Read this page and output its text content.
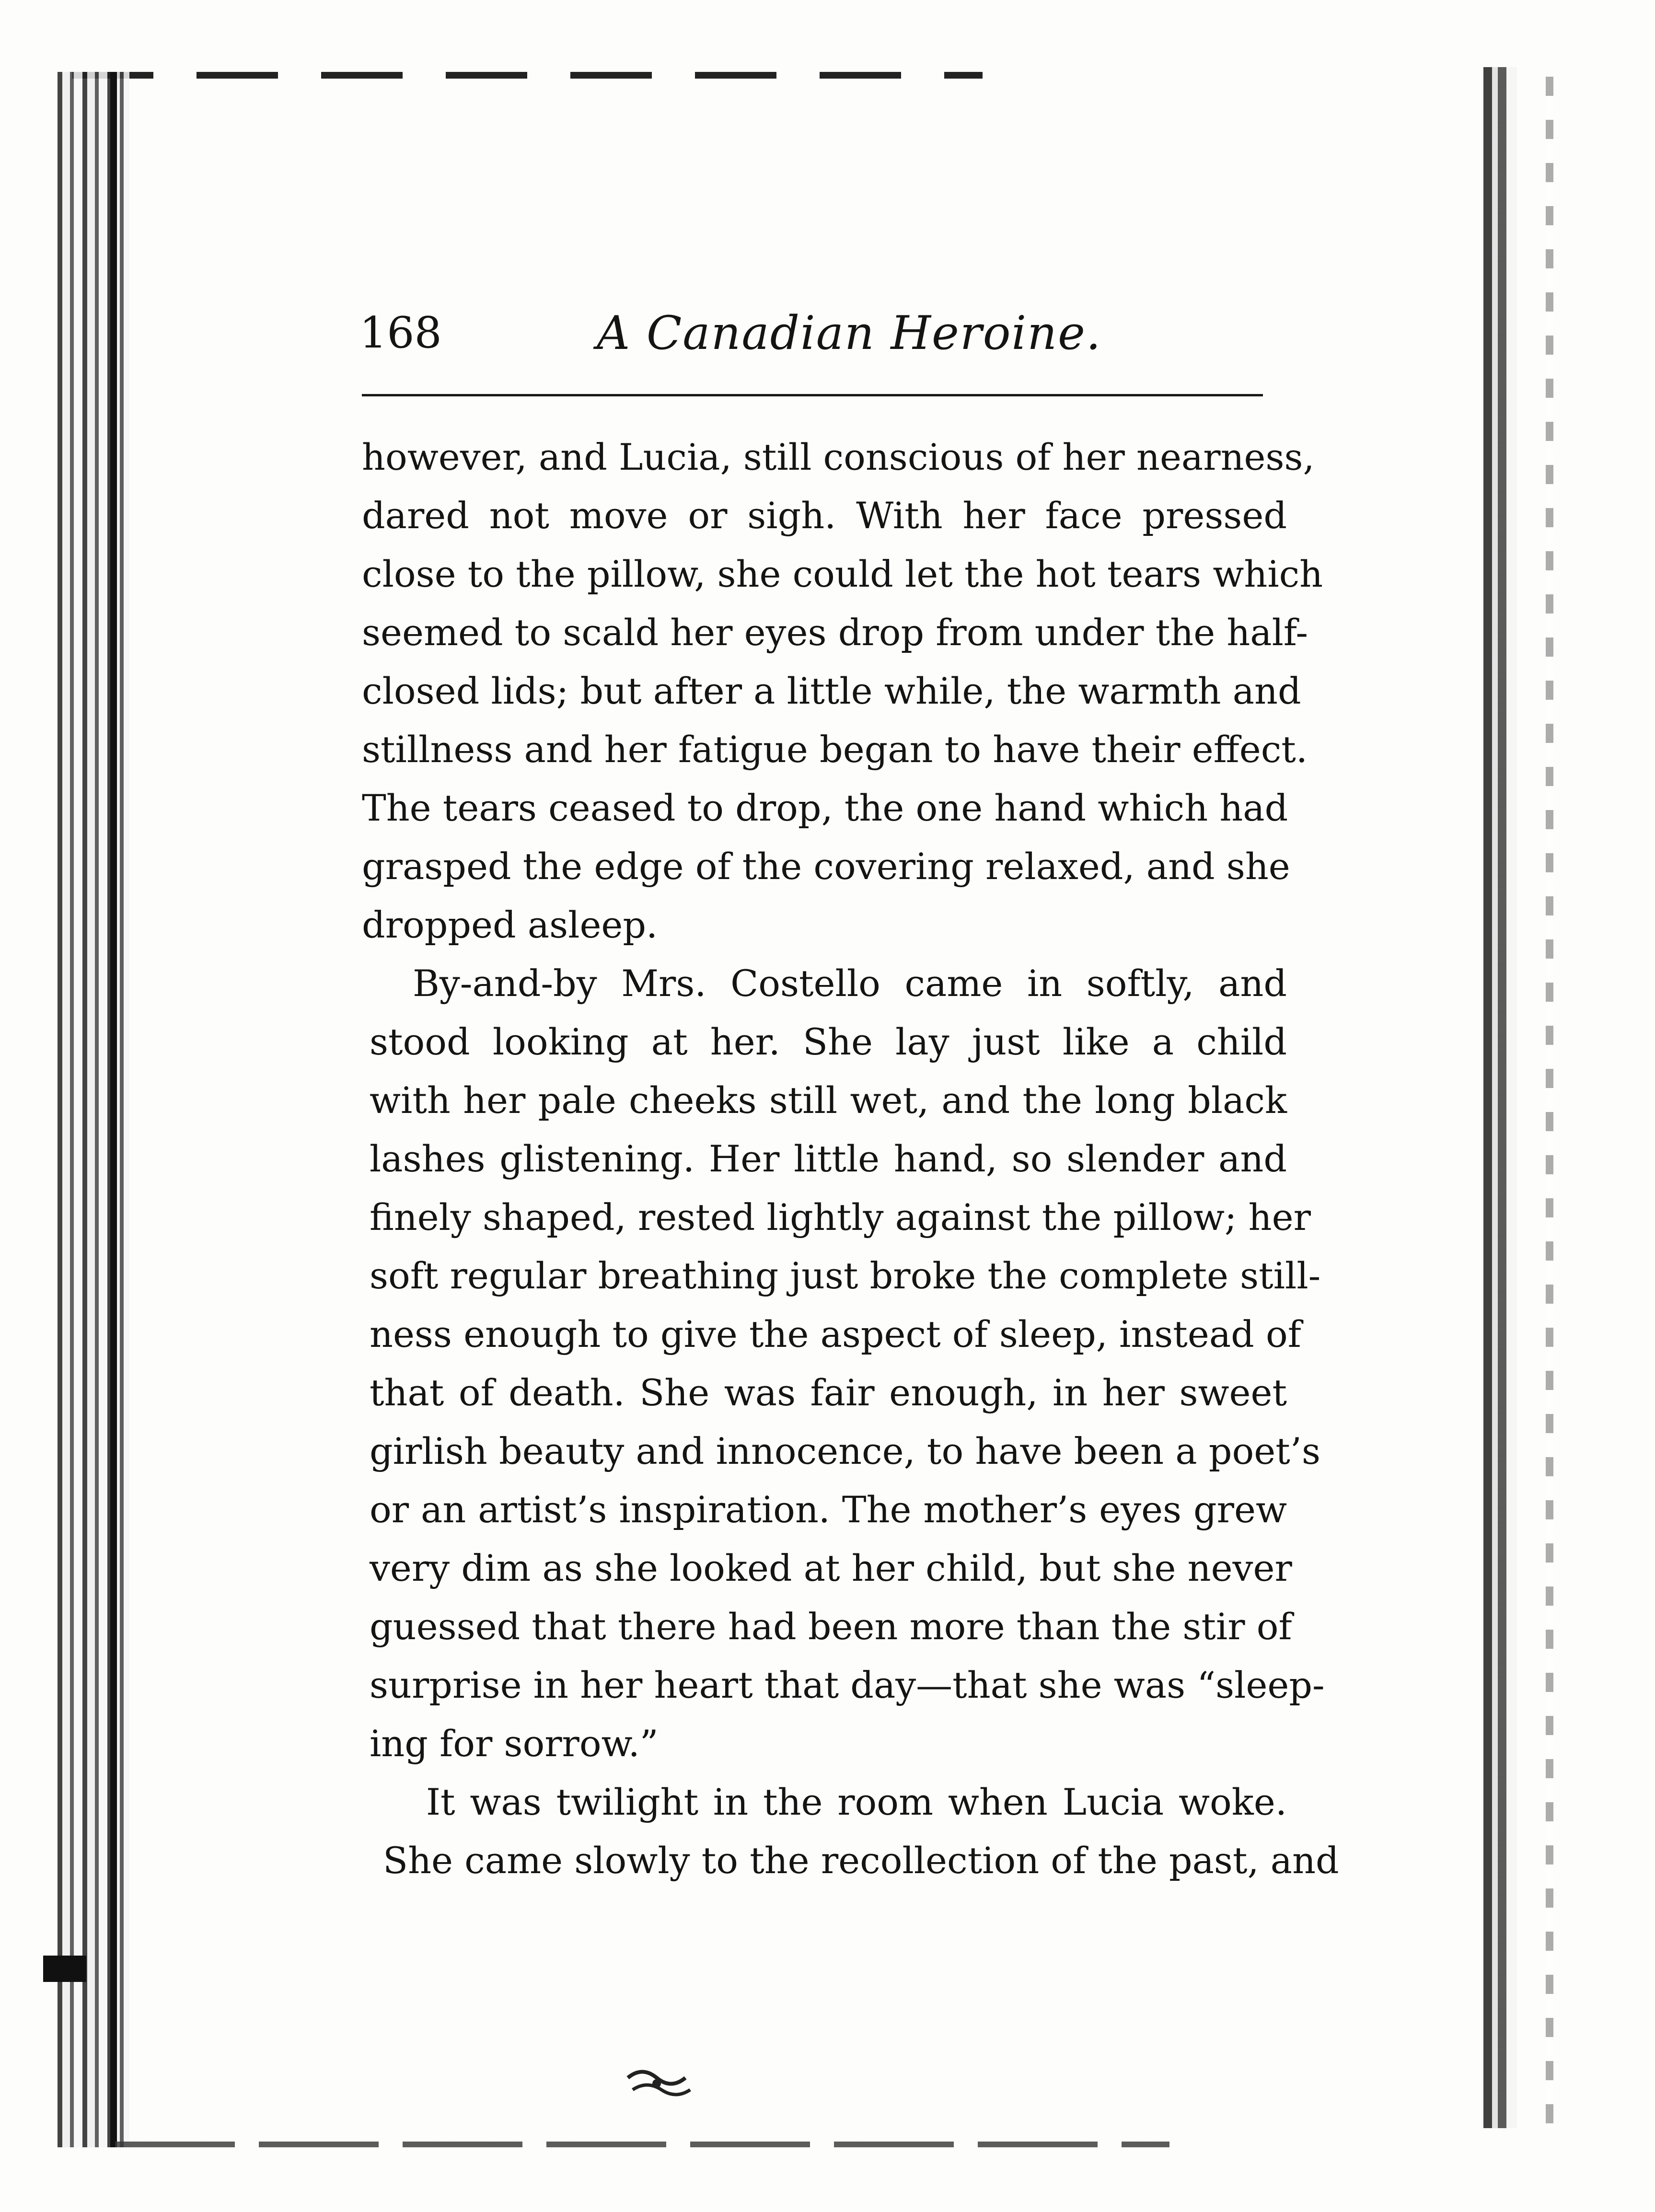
168	A Canadian Heroine.
however, and Lucia, still conscious of her nearness,
dared not move or sigh. With her face pressed
close to the pillow, she could let the hot tears which
seemed to scald her eyes drop from under the half-
closed lids; but after a little while, the warmth and
stillness and her fatigue began to have their effect.
The tears ceased to drop, the one hand which had
grasped the edge of the covering relaxed, and she
dropped asleep.
By-and-by Mrs. Costello came in softly, and
stood looking at her. She lay just like a child
with her pale cheeks still wet, and the long black
lashes glistening. Her little hand, so slender and
finely shaped, rested lightly against the pillow; her
soft regular breathing just broke the complete still-
ness enough to give the aspect of sleep, instead of
that of death. She was fair enough, in her sweet
girlish beauty and innocence, to have been a poet’s
or an artist’s inspiration. The mother’s eyes grew
very dim as she looked at her child, but she never
guessed that there had been more than the stir of
surprise in her heart that day—that she was “sleep-
ing for sorrow.”
It was twilight in the room when Lucia woke.
She came slowly to the recollection of the past, and
